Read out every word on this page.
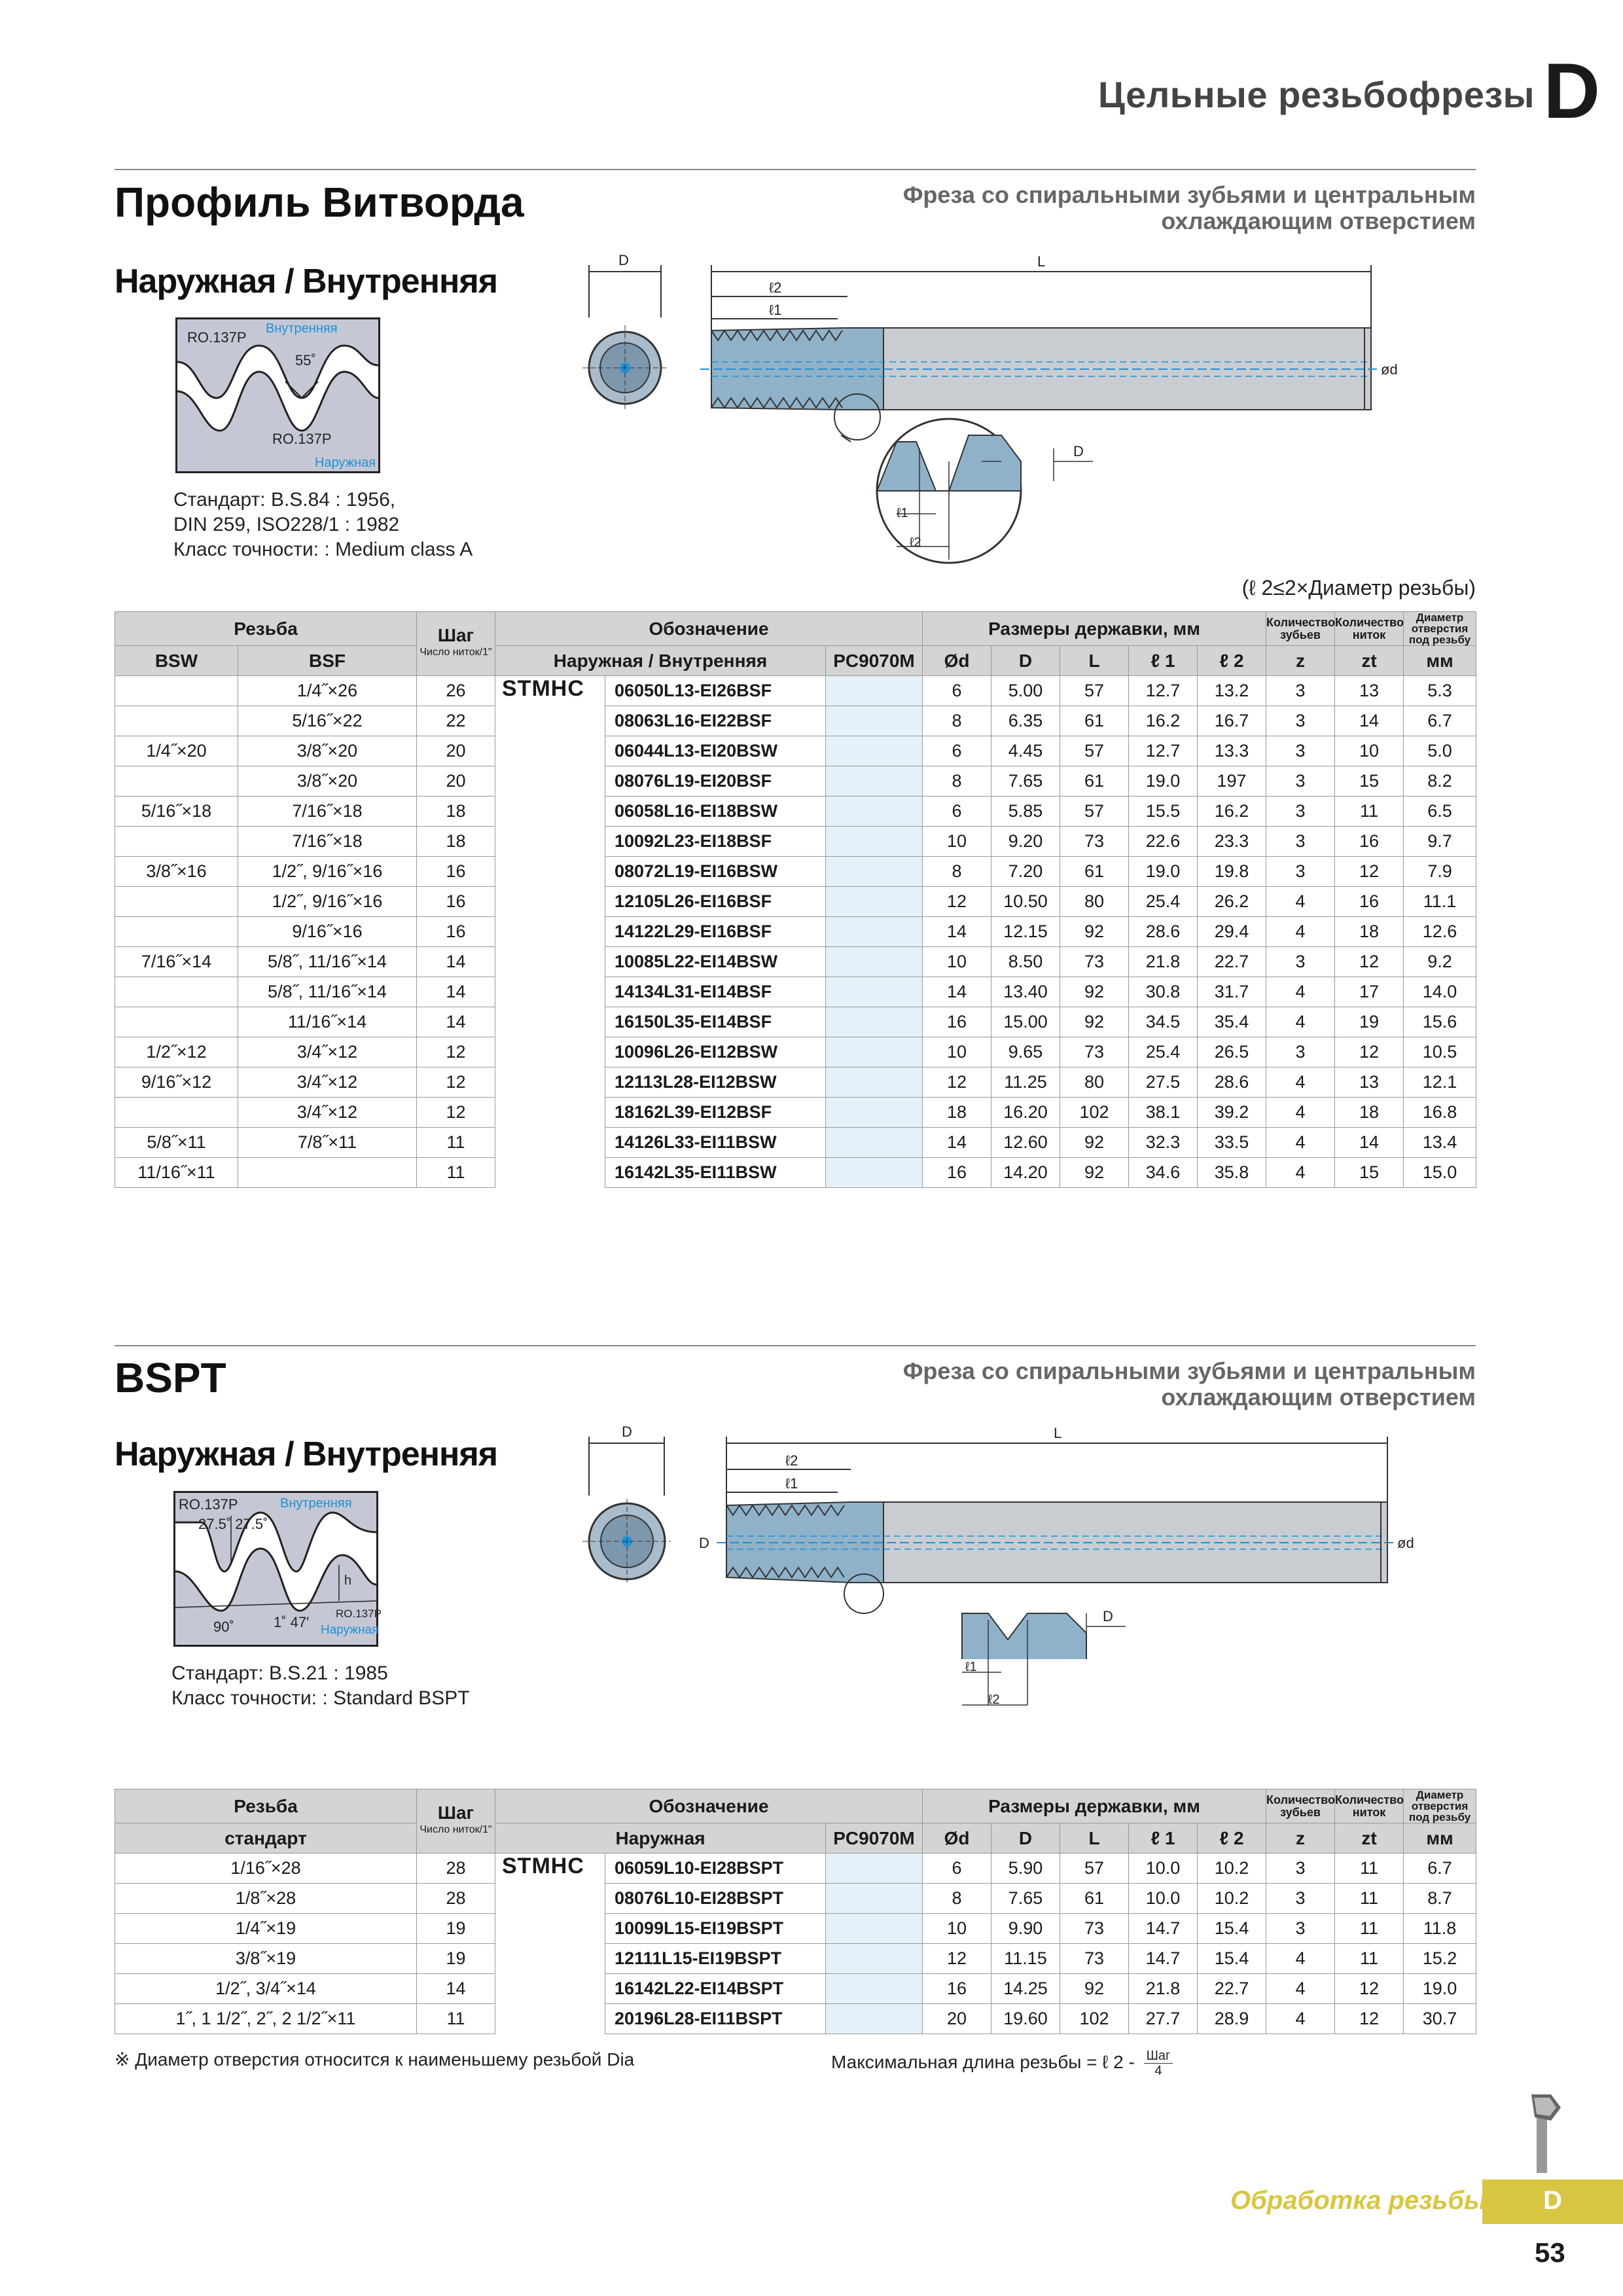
Цельные резьбофрезы D
Профиль Витворда	Фреза со спиральными зубьями и центральным
охлаждающим отверстием
Наружная / Внутренняя
RO.137P
Внутренняя
55˚
RO.137P
Наружная
Стандарт: B.S.84 : 1956,
DIN 259, ISO228/1 : 1982
Класс точности: : Medium class A
D	L
ℓ2
ℓ1
ød
ℓ1
ℓ2
D
(ℓ 2≤2×Диаметр резьбы)
Резьба		Шаг
Число ниток/1"	Обозначение			Размеры державки, мм					Количество зубьев	Количество ниток	Диаметр отверстия под резьбу
BSW	BSF		Наружная / Внутренняя		PC9070M	Ød	D	L	ℓ 1	ℓ 2	z	zt	мм
	1/4˝×26	26	STMHC	06050L13-EI26BSF		6	5.00	57	12.7	13.2	3	13	5.3
	5/16˝×22	22		08063L16-EI22BSF		8	6.35	61	16.2	16.7	3	14	6.7
1/4˝×20	3/8˝×20	20		06044L13-EI20BSW		6	4.45	57	12.7	13.3	3	10	5.0
	3/8˝×20	20		08076L19-EI20BSF		8	7.65	61	19.0	197	3	15	8.2
5/16˝×18	7/16˝×18	18		06058L16-EI18BSW		6	5.85	57	15.5	16.2	3	11	6.5
	7/16˝×18	18		10092L23-EI18BSF		10	9.20	73	22.6	23.3	3	16	9.7
3/8˝×16	1/2˝, 9/16˝×16	16		08072L19-EI16BSW		8	7.20	61	19.0	19.8	3	12	7.9
	1/2˝, 9/16˝×16	16		12105L26-EI16BSF		12	10.50	80	25.4	26.2	4	16	11.1
	9/16˝×16	16		14122L29-EI16BSF		14	12.15	92	28.6	29.4	4	18	12.6
7/16˝×14	5/8˝, 11/16˝×14	14		10085L22-EI14BSW		10	8.50	73	21.8	22.7	3	12	9.2
	5/8˝, 11/16˝×14	14		14134L31-EI14BSF		14	13.40	92	30.8	31.7	4	17	14.0
	11/16˝×14	14		16150L35-EI14BSF		16	15.00	92	34.5	35.4	4	19	15.6
1/2˝×12	3/4˝×12	12		10096L26-EI12BSW		10	9.65	73	25.4	26.5	3	12	10.5
9/16˝×12	3/4˝×12	12		12113L28-EI12BSW		12	11.25	80	27.5	28.6	4	13	12.1
	3/4˝×12	12		18162L39-EI12BSF		18	16.20	102	38.1	39.2	4	18	16.8
5/8˝×11	7/8˝×11	11		14126L33-EI11BSW		14	12.60	92	32.3	33.5	4	14	13.4
11/16˝×11		11		16142L35-EI11BSW		16	14.20	92	34.6	35.8	4	15	15.0
BSPT	Фреза со спиральными зубьями и центральным
охлаждающим отверстием
Наружная / Внутренняя
RO.137P	Внутренняя
27.5˚ 27.5˚
h
90˚	1˚ 47'
RO.137P
Наружная
Стандарт: B.S.21 : 1985
Класс точности: : Standard BSPT
D	L
ℓ2
ℓ1
D	ød
ℓ1
ℓ2
D
Резьба	Шаг
Число ниток/1"	Обозначение			Размеры державки, мм					Количество зубьев	Количество ниток	Диаметр отверстия под резьбу
стандарт		Наружная		PC9070M	Ød	D	L	ℓ 1	ℓ 2	z	zt	мм
1/16˝×28	28	STMHC	06059L10-EI28BSPT		6	5.90	57	10.0	10.2	3	11	6.7
1/8˝×28	28		08076L10-EI28BSPT		8	7.65	61	10.0	10.2	3	11	8.7
1/4˝×19	19		10099L15-EI19BSPT		10	9.90	73	14.7	15.4	3	11	11.8
3/8˝×19	19		12111L15-EI19BSPT		12	11.15	73	14.7	15.4	4	11	15.2
1/2˝, 3/4˝×14	14		16142L22-EI14BSPT		16	14.25	92	21.8	22.7	4	12	19.0
1˝, 1 1/2˝, 2˝, 2 1/2˝×11	11		20196L28-EI11BSPT		20	19.60	102	27.7	28.9	4	12	30.7
※ Диаметр отверстия относится к наименьшему резьбой Dia	Максимальная длина резьбы = ℓ 2 - Шаг
4
D
Обработка резьбы
53
